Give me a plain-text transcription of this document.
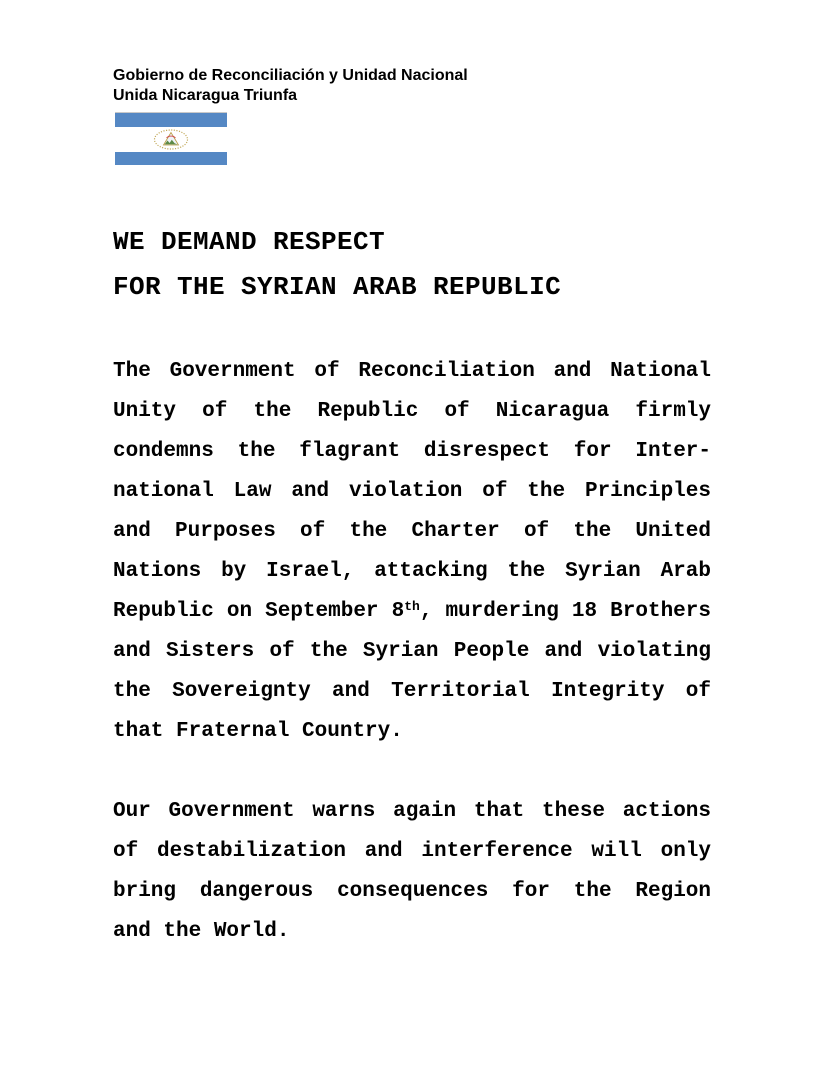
Gobierno de Reconciliación y Unidad Nacional
Unida Nicaragua Triunfa
WE DEMAND RESPECT
FOR THE SYRIAN ARAB REPUBLIC
The Government of Reconciliation and National
Unity of the Republic of Nicaragua firmly
condemns the flagrant disrespect for Inter-
national Law and violation of the Principles
and Purposes of the Charter of the United
Nations by Israel, attacking the Syrian Arab
Republic on September 8th, murdering 18 Brothers
and Sisters of the Syrian People and violating
the Sovereignty and Territorial Integrity of
that Fraternal Country.
Our Government warns again that these actions
of destabilization and interference will only
bring dangerous consequences for the Region
and the World.
